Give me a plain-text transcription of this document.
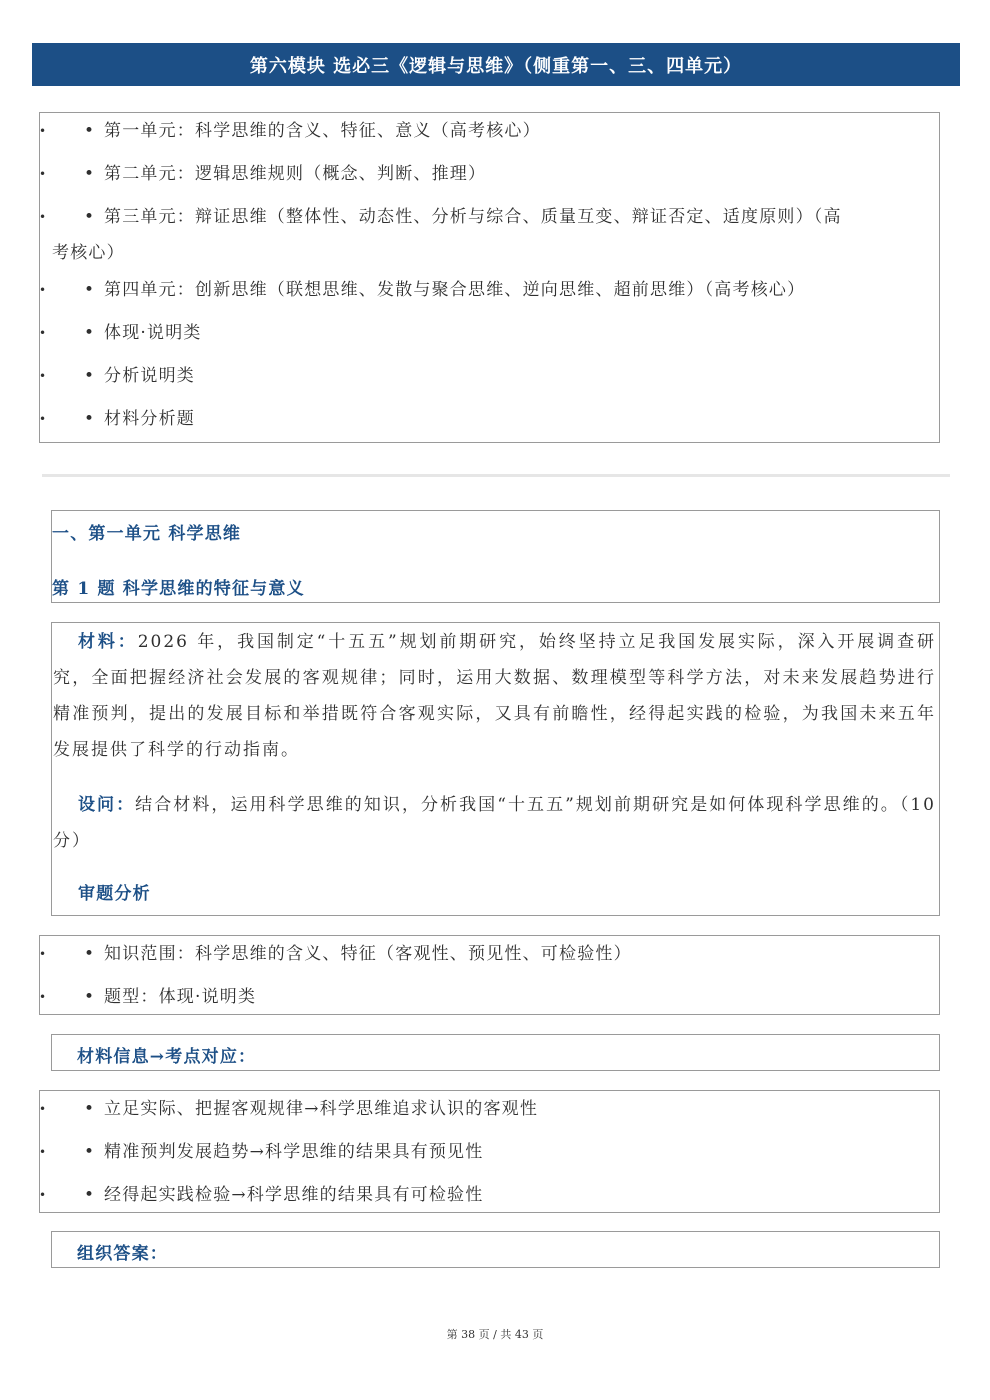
第六模块 选必三《逻辑与思维》（侧重第一、三、四单元）
• • 第一单元：科学思维的含义、特征、意义（高考核心）
• • 第二单元：逻辑思维规则（概念、判断、推理）
• • 第三单元：辩证思维（整体性、动态性、分析与综合、质量互变、辩证否定、适度原则）（高
考核心）
• • 第四单元：创新思维（联想思维、发散与聚合思维、逆向思维、超前思维）（高考核心）
• • 体现·说明类
• • 分析说明类
• • 材料分析题
一、第一单元 科学思维
第 1 题 科学思维的特征与意义

材料：2026 年，我国制定“十五五”规划前期研究，始终坚持立足我国发展实际，深入开展调查研究，全面把握经济社会发展的客观规律；同时，运用大数据、数理模型等科学方法，对未来发展趋势进行精准预判，提出的发展目标和举措既符合客观实际，又具有前瞻性，经得起实践的检验，为我国未来五年发展提供了科学的行动指南。

设问：结合材料，运用科学思维的知识，分析我国“十五五”规划前期研究是如何体现科学思维的。（10 分）

审题分析
• • 知识范围：科学思维的含义、特征（客观性、预见性、可检验性）
• • 题型：体现·说明类
材料信息→考点对应：
• • 立足实际、把握客观规律→科学思维追求认识的客观性
• • 精准预判发展趋势→科学思维的结果具有预见性
• • 经得起实践检验→科学思维的结果具有可检验性
组织答案：
第 38 页 / 共 43 页
